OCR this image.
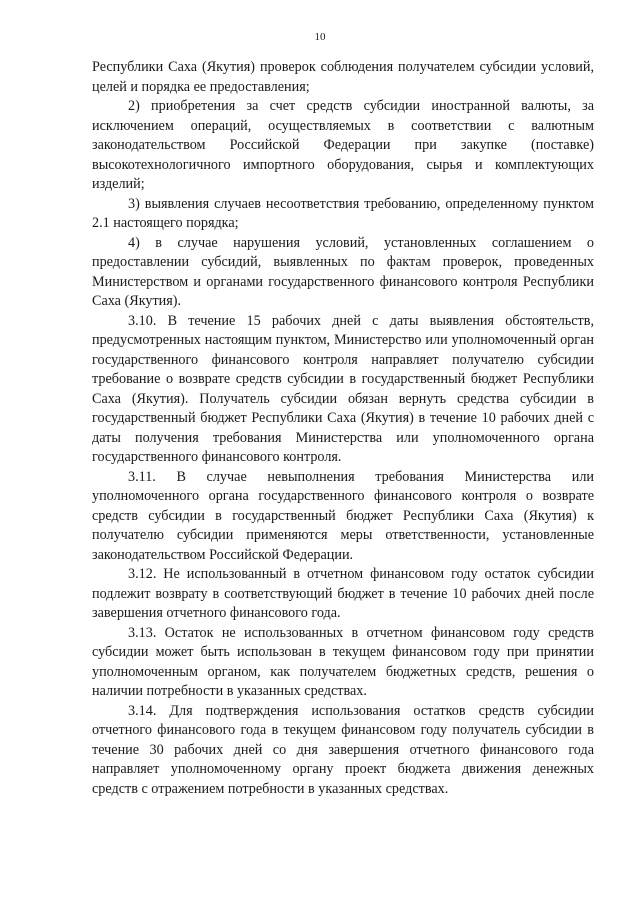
10

Республики Саха (Якутия) проверок соблюдения получателем субсидии условий, целей и порядка ее предоставления;

2) приобретения за счет средств субсидии иностранной валюты, за исключением операций, осуществляемых в соответствии с валютным законодательством Российской Федерации при закупке (поставке) высокотехнологичного импортного оборудования, сырья и комплектующих изделий;

3) выявления случаев несоответствия требованию, определенному пунктом 2.1 настоящего порядка;

4) в случае нарушения условий, установленных соглашением о предоставлении субсидий, выявленных по фактам проверок, проведенных Министерством и органами государственного финансового контроля Республики Саха (Якутия).

3.10. В течение 15 рабочих дней с даты выявления обстоятельств, предусмотренных настоящим пунктом, Министерство или уполномоченный орган государственного финансового контроля направляет получателю субсидии требование о возврате средств субсидии в государственный бюджет Республики Саха (Якутия). Получатель субсидии обязан вернуть средства субсидии в государственный бюджет Республики Саха (Якутия) в течение 10 рабочих дней с даты получения требования Министерства или уполномоченного органа государственного финансового контроля.

3.11. В случае невыполнения требования Министерства или уполномоченного органа государственного финансового контроля о возврате средств субсидии в государственный бюджет Республики Саха (Якутия) к получателю субсидии применяются меры ответственности, установленные законодательством Российской Федерации.

3.12. Не использованный в отчетном финансовом году остаток субсидии подлежит возврату в соответствующий бюджет в течение 10 рабочих дней после завершения отчетного финансового года.

3.13. Остаток не использованных в отчетном финансовом году средств субсидии может быть использован в текущем финансовом году при принятии уполномоченным органом, как получателем бюджетных средств, решения о наличии потребности в указанных средствах.

3.14. Для подтверждения использования остатков средств субсидии отчетного финансового года в текущем финансовом году получатель субсидии в течение 30 рабочих дней со дня завершения отчетного финансового года направляет уполномоченному органу проект бюджета движения денежных средств с отражением потребности в указанных средствах.
